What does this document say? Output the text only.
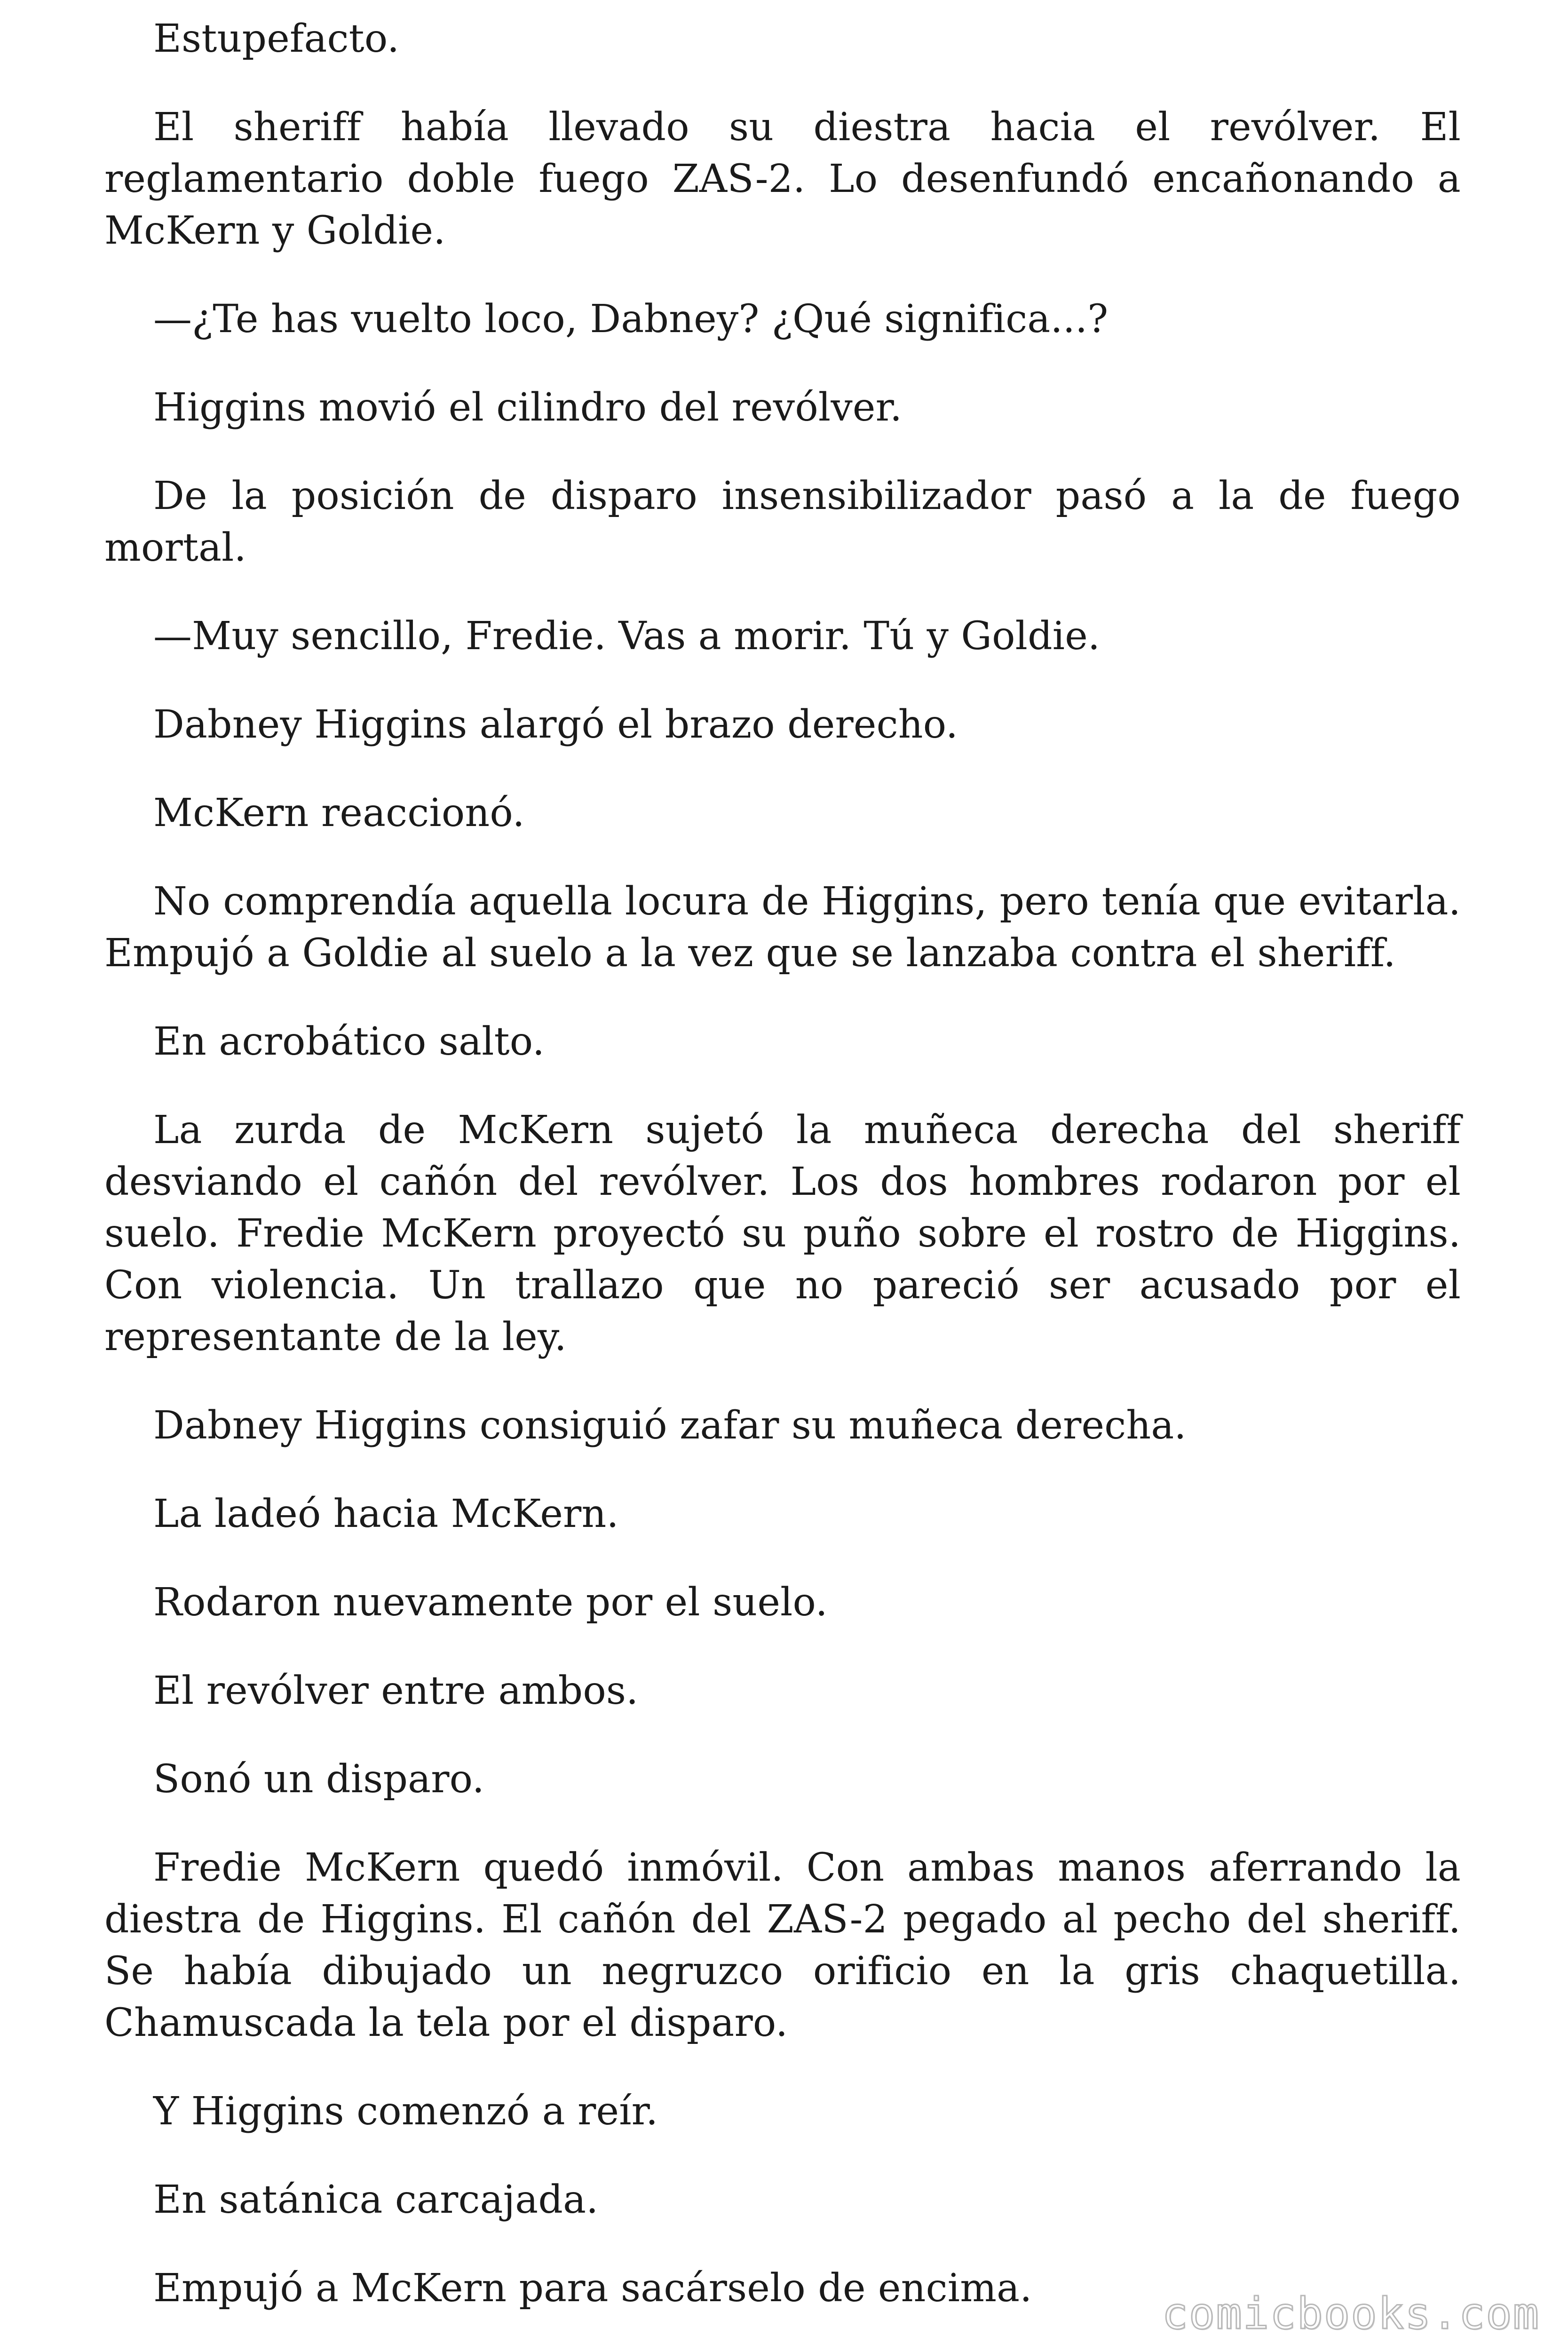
Estupefacto.

El sheriff había llevado su diestra hacia el revólver. El reglamentario doble fuego ZAS-2. Lo desenfundó encañonando a McKern y Goldie.

—¿Te has vuelto loco, Dabney? ¿Qué significa...?

Higgins movió el cilindro del revólver.

De la posición de disparo insensibilizador pasó a la de fuego mortal.

—Muy sencillo, Fredie. Vas a morir. Tú y Goldie.

Dabney Higgins alargó el brazo derecho.

McKern reaccionó.

No comprendía aquella locura de Higgins, pero tenía que evitarla. Empujó a Goldie al suelo a la vez que se lanzaba contra el sheriff.

En acrobático salto.

La zurda de McKern sujetó la muñeca derecha del sheriff desviando el cañón del revólver. Los dos hombres rodaron por el suelo. Fredie McKern proyectó su puño sobre el rostro de Higgins. Con violencia. Un trallazo que no pareció ser acusado por el representante de la ley.

Dabney Higgins consiguió zafar su muñeca derecha.

La ladeó hacia McKern.

Rodaron nuevamente por el suelo.

El revólver entre ambos.

Sonó un disparo.

Fredie McKern quedó inmóvil. Con ambas manos aferrando la diestra de Higgins. El cañón del ZAS-2 pegado al pecho del sheriff. Se había dibujado un negruzco orificio en la gris chaquetilla. Chamuscada la tela por el disparo.

Y Higgins comenzó a reír.

En satánica carcajada.

Empujó a McKern para sacárselo de encima.

comicbooks.com
